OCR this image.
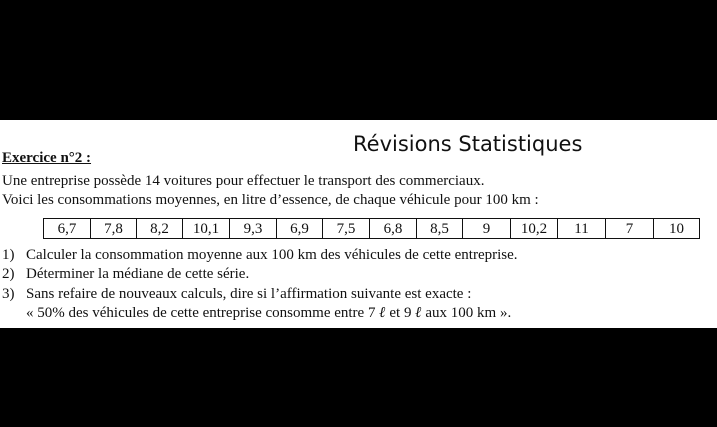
Révisions Statistiques
Exercice n°2 :
Une entreprise possède 14 voitures pour effectuer le transport des commerciaux.
Voici les consommations moyennes, en litre d’essence, de chaque véhicule pour 100 km :
6,7	7,8	8,2	10,1	9,3	6,9	7,5	6,8	8,5	9	10,2	11	7	10
1) Calculer la consommation moyenne aux 100 km des véhicules de cette entreprise.
2) Déterminer la médiane de cette série.
3) Sans refaire de nouveaux calculs, dire si l’affirmation suivante est exacte :
« 50% des véhicules de cette entreprise consomme entre 7 ℓ et 9 ℓ aux 100 km ».
